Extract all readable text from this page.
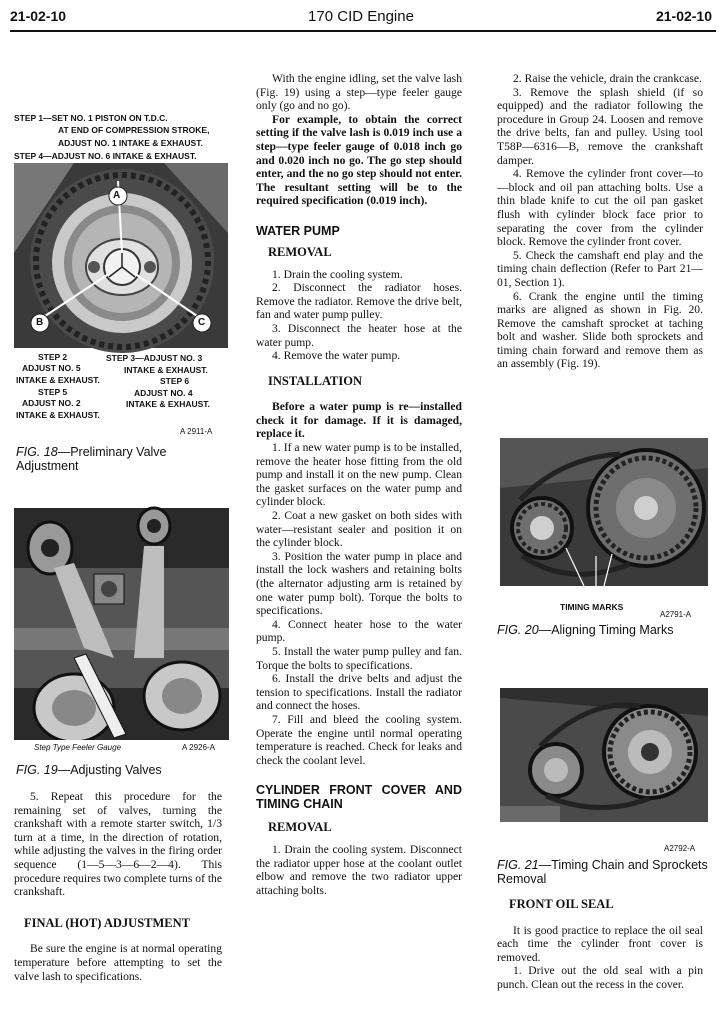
21-02-10	170 CID Engine	21-02-10
STEP 1—SET NO. 1 PISTON ON T.D.C.
AT END OF COMPRESSION STROKE,
ADJUST NO. 1 INTAKE & EXHAUST.
STEP 4—ADJUST NO. 6 INTAKE & EXHAUST.
A
B	C
STEP 2
ADJUST NO. 5
INTAKE & EXHAUST.
STEP 5
ADJUST NO. 2
INTAKE & EXHAUST.
STEP 3—ADJUST NO. 3
INTAKE & EXHAUST.
STEP 6
ADJUST NO. 4
INTAKE & EXHAUST.
A 2911-A
FIG. 18—Preliminary Valve Adjustment
Step Type Feeler Gauge	A 2926-A
FIG. 19—Adjusting Valves

5. Repeat this procedure for the remaining set of valves, turning the crankshaft with a remote starter switch, 1/3 turn at a time, in the direction of rotation, while adjusting the valves in the firing order sequence (1—5—3—6—2—4). This procedure requires two complete turns of the crankshaft.

FINAL (HOT) ADJUSTMENT

Be sure the engine is at normal operating temperature before attempting to set the valve lash to specifications.

With the engine idling, set the valve lash (Fig. 19) using a step—type feeler gauge only (go and no go).

For example, to obtain the correct setting if the valve lash is 0.019 inch use a step—type feeler gauge of 0.018 inch go and 0.020 inch no go. The go step should enter, and the no go step should not enter. The resultant setting will be to the required specification (0.019 inch).

WATER PUMP

REMOVAL

1. Drain the cooling system.

2. Disconnect the radiator hoses. Remove the radiator. Remove the drive belt, fan and water pump pulley.

3. Disconnect the heater hose at the water pump.

4. Remove the water pump.

INSTALLATION

Before a water pump is re—installed check it for damage. If it is damaged, replace it.

1. If a new water pump is to be installed, remove the heater hose fitting from the old pump and install it on the new pump. Clean the gasket surfaces on the water pump and cylinder block.

2. Coat a new gasket on both sides with water—resistant sealer and position it on the cylinder block.

3. Position the water pump in place and install the lock washers and retaining bolts (the alternator adjusting arm is retained by one water pump bolt). Torque the bolts to specifications.

4. Connect heater hose to the water pump.

5. Install the water pump pulley and fan. Torque the bolts to specifications.

6. Install the drive belts and adjust the tension to specifications. Install the radiator and connect the hoses.

7. Fill and bleed the cooling system. Operate the engine until normal operating temperature is reached. Check for leaks and check the coolant level.

CYLINDER FRONT COVER AND TIMING CHAIN

REMOVAL

1. Drain the cooling system. Disconnect the radiator upper hose at the coolant outlet elbow and remove the two radiator upper attaching bolts.

2. Raise the vehicle, drain the crankcase.

3. Remove the splash shield (if so equipped) and the radiator following the procedure in Group 24. Loosen and remove the drive belts, fan and pulley. Using tool T58P—6316—B, remove the crankshaft damper.

4. Remove the cylinder front cover—to—block and oil pan attaching bolts. Use a thin blade knife to cut the oil pan gasket flush with cylinder block face prior to separating the cover from the cylinder block. Remove the cylinder front cover.

5. Check the camshaft end play and the timing chain deflection (Refer to Part 21—01, Section 1).

6. Crank the engine until the timing marks are aligned as shown in Fig. 20. Remove the camshaft sprocket at taching bolt and washer. Slide both sprockets and timing chain forward and remove them as an assembly (Fig. 19).

TIMING MARKS
A2791-A
FIG. 20—Aligning Timing Marks
A2792-A
FIG. 21—Timing Chain and Sprockets Removal

FRONT OIL SEAL

It is good practice to replace the oil seal each time the cylinder front cover is removed.

1. Drive out the old seal with a pin punch. Clean out the recess in the cover.
